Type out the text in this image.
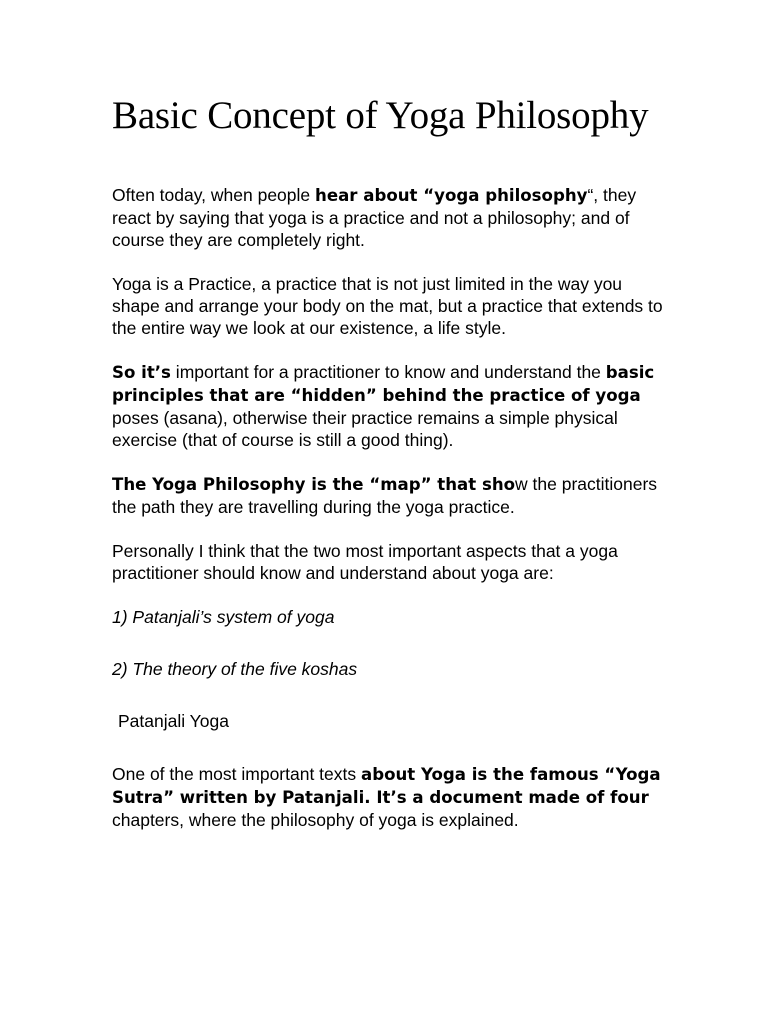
Basic Concept of Yoga Philosophy

Often today, when people hear about “yoga philosophy“, they react by saying that yoga is a practice and not a philosophy; and of course they are completely right.

Yoga is a Practice, a practice that is not just limited in the way you shape and arrange your body on the mat, but a practice that extends to the entire way we look at our existence, a life style.

So it’s important for a practitioner to know and understand the basic principles that are “hidden” behind the practice of yoga poses (asana), otherwise their practice remains a simple physical exercise (that of course is still a good thing).

The Yoga Philosophy is the “map” that show the practitioners the path they are travelling during the yoga practice.

Personally I think that the two most important aspects that a yoga practitioner should know and understand about yoga are:

1) Patanjali’s system of yoga

2) The theory of the five koshas

Patanjali Yoga

One of the most important texts about Yoga is the famous “Yoga Sutra” written by Patanjali. It’s a document made of four chapters, where the philosophy of yoga is explained.
